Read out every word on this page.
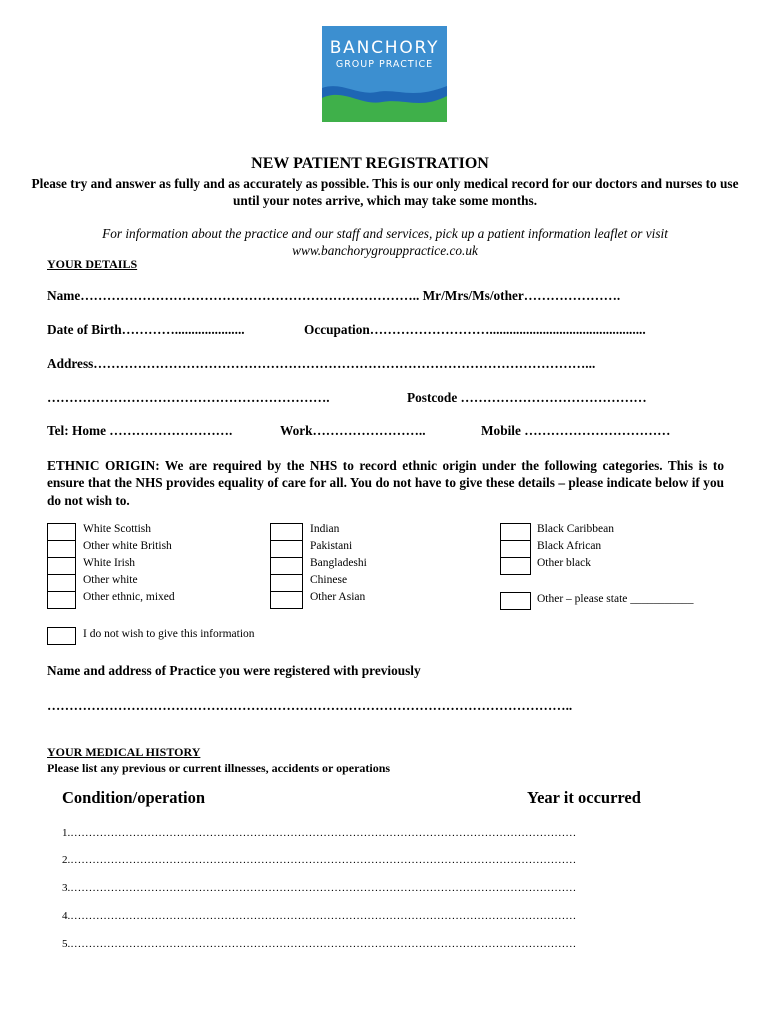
BANCHORY
GROUP PRACTICE
NEW PATIENT REGISTRATION
Please try and answer as fully and as accurately as possible. This is our only medical record for our doctors and nurses to use until your notes arrive, which may take some months.
For information about the practice and our staff and services, pick up a patient information leaflet or visit www.banchorygrouppractice.co.uk
YOUR DETAILS
Name………………………………………………………………….. Mr/Mrs/Ms/other………………….
Date of Birth………….....................	Occupation………………………...............................................
Address…………………………………………………………………………………………………...
……………………………………………………….	Postcode ……………………………………
Tel: Home ……………………….	Work……………………..	Mobile ……………………………
ETHNIC ORIGIN: We are required by the NHS to record ethnic origin under the following categories. This is to ensure that the NHS provides equality of care for all. You do not have to give these details – please indicate below if you do not wish to.
White Scottish
Other white British
White Irish
Other white
Other ethnic, mixed
Indian
Pakistani
Bangladeshi
Chinese
Other Asian
Black Caribbean
Black African
Other black
Other – please state ___________
I do not wish to give this information
Name and address of Practice you were registered with previously
………………………………………………………………………………………………………..
YOUR MEDICAL HISTORY
Please list any previous or current illnesses, accidents or operations
Condition/operation	Year it occurred
1.…………………………………………………………………………………………………………………………
2.…………………………………………………………………………………………………………………………
3.…………………………………………………………………………………………………………………………
4.…………………………………………………………………………………………………………………………
5.…………………………………………………………………………………………………………………………
